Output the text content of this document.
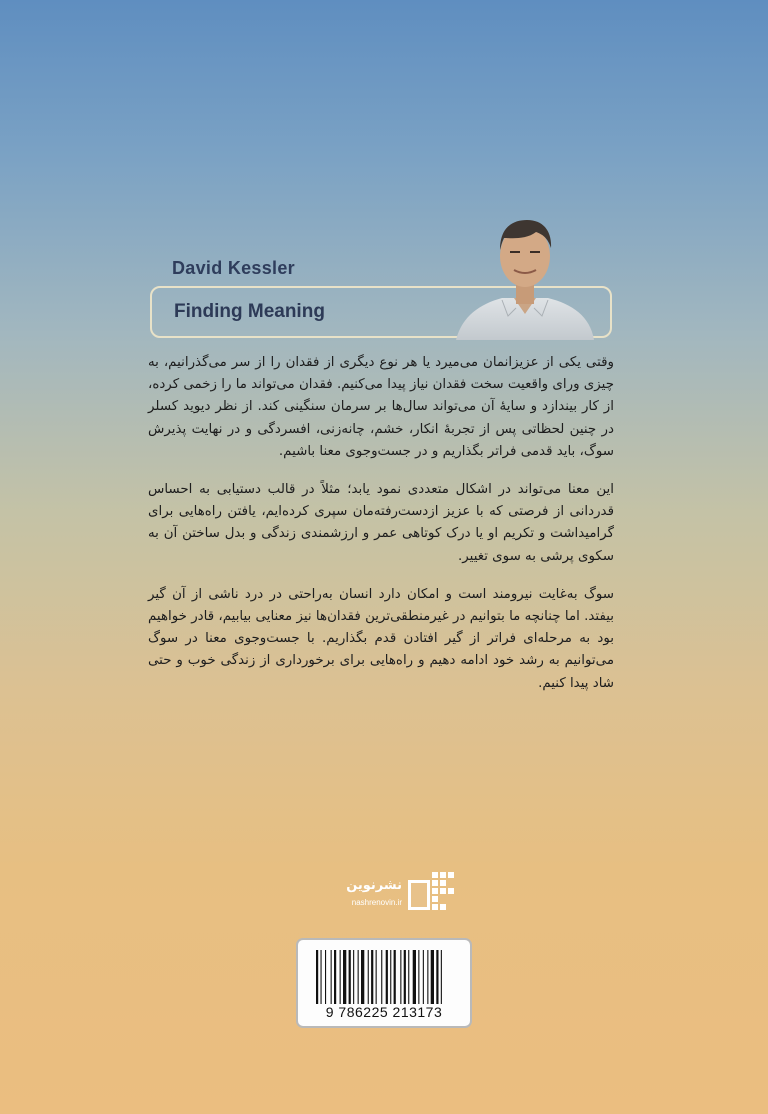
David Kessler
Finding Meaning

وقتی یکی از عزیزانمان می‌میرد یا هر نوع دیگری از فقدان را از سر می‌گذرانیم، به چیزی ورای واقعیت سخت فقدان نیاز پیدا می‌کنیم. فقدان می‌تواند ما را زخمی کرده، از کار بیندازد و سایهٔ آن می‌تواند سال‌ها بر سرمان سنگینی کند. از نظر دیوید کسلر در چنین لحظاتی پس از تجربهٔ انکار، خشم، چانه‌زنی، افسردگی و در نهایت پذیرش سوگ، باید قدمی فراتر بگذاریم و در جست‌وجوی معنا باشیم.

این معنا می‌تواند در اشکال متعددی نمود یابد؛ مثلاً در قالب دستیابی به احساس قدردانی از فرصتی که با عزیز ازدست‌رفته‌مان سپری کرده‌ایم، یافتن راه‌هایی برای گرامیداشت و تکریم او یا درک کوتاهی عمر و ارزشمندی زندگی و بدل ساختن آن به سکوی پرشی به سوی تغییر.

سوگ به‌غایت نیرومند است و امکان دارد انسان به‌راحتی در درد ناشی از آن گیر بیفتد. اما چنانچه ما بتوانیم در غیرمنطقی‌ترین فقدان‌ها نیز معنایی بیابیم، قادر خواهیم بود به مرحله‌ای فراتر از گیر افتادن قدم بگذاریم. با جست‌وجوی معنا در سوگ می‌توانیم به رشد خود ادامه دهیم و راه‌هایی برای برخورداری از زندگی خوب و حتی شاد پیدا کنیم.

نشرنوین
nashrenovin.ir
9 786225 213173
